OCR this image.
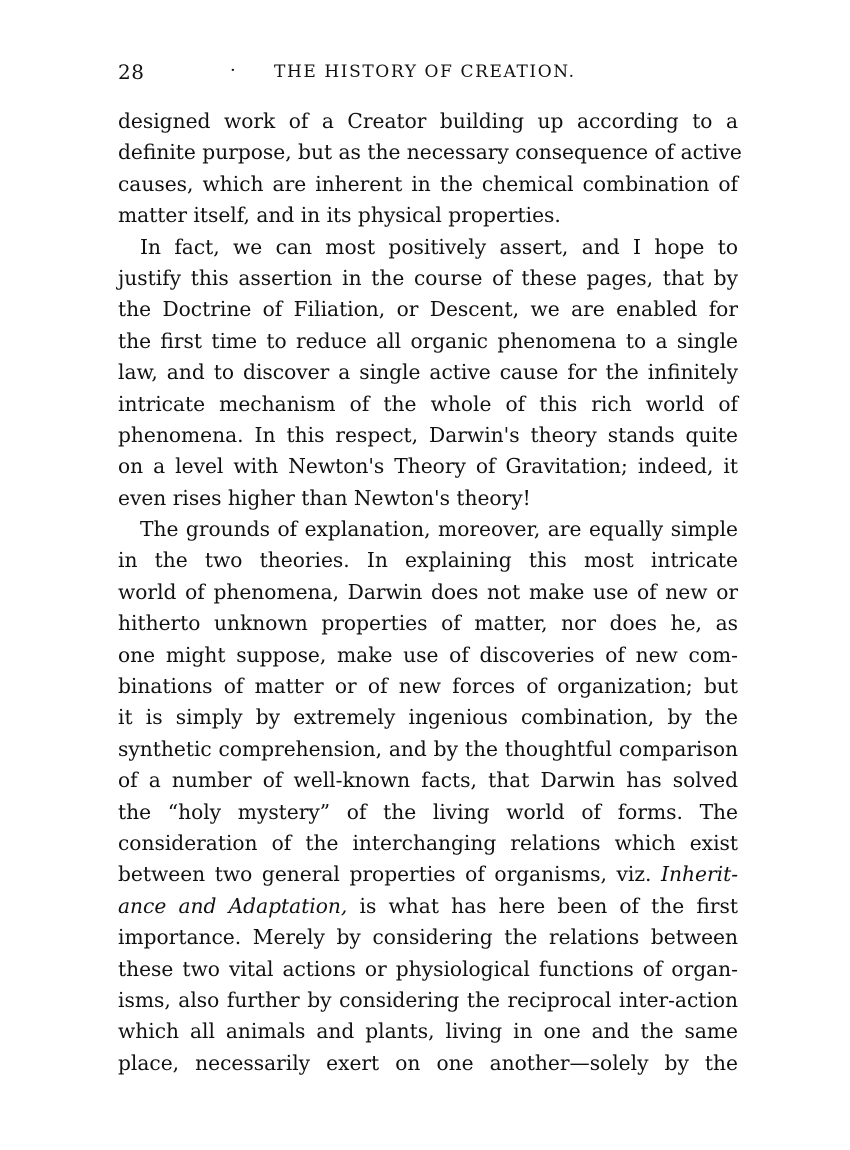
28	· THE HISTORY OF CREATION.
designed work of a Creator building up according to a
definite purpose, but as the necessary consequence of active
causes, which are inherent in the chemical combination of
matter itself, and in its physical properties.
In fact, we can most positively assert, and I hope to
justify this assertion in the course of these pages, that by
the Doctrine of Filiation, or Descent, we are enabled for
the first time to reduce all organic phenomena to a single
law, and to discover a single active cause for the infinitely
intricate mechanism of the whole of this rich world of
phenomena. In this respect, Darwin's theory stands quite
on a level with Newton's Theory of Gravitation; indeed, it
even rises higher than Newton's theory!
The grounds of explanation, moreover, are equally simple
in the two theories. In explaining this most intricate
world of phenomena, Darwin does not make use of new or
hitherto unknown properties of matter, nor does he, as
one might suppose, make use of discoveries of new com-
binations of matter or of new forces of organization; but
it is simply by extremely ingenious combination, by the
synthetic comprehension, and by the thoughtful comparison
of a number of well-known facts, that Darwin has solved
the “holy mystery” of the living world of forms. The
consideration of the interchanging relations which exist
between two general properties of organisms, viz. Inherit-
ance and Adaptation, is what has here been of the first
importance. Merely by considering the relations between
these two vital actions or physiological functions of organ-
isms, also further by considering the reciprocal inter-action
which all animals and plants, living in one and the same
place, necessarily exert on one another—solely by the
